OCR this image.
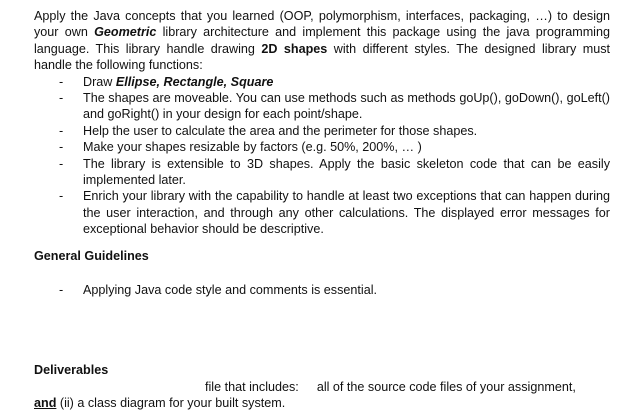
Apply the Java concepts that you learned (OOP, polymorphism, interfaces, packaging, …) to design your own Geometric library architecture and implement this package using the java programming language. This library handle drawing 2D shapes with different styles. The designed library must handle the following functions:

- Draw Ellipse, Rectangle, Square
- The shapes are moveable. You can use methods such as methods goUp(), goDown(), goLeft() and goRight() in your design for each point/shape.
- Help the user to calculate the area and the perimeter for those shapes.
- Make your shapes resizable by factors (e.g. 50%, 200%, … )
- The library is extensible to 3D shapes. Apply the basic skeleton code that can be easily implemented later.
- Enrich your library with the capability to handle at least two exceptions that can happen during the user interaction, and through any other calculations. The displayed error messages for exceptional behavior should be descriptive.

General Guidelines

- Applying Java code style and comments is essential.

Deliverables

file that includes: all of the source code files of your assignment,

and (ii) a class diagram for your built system.
